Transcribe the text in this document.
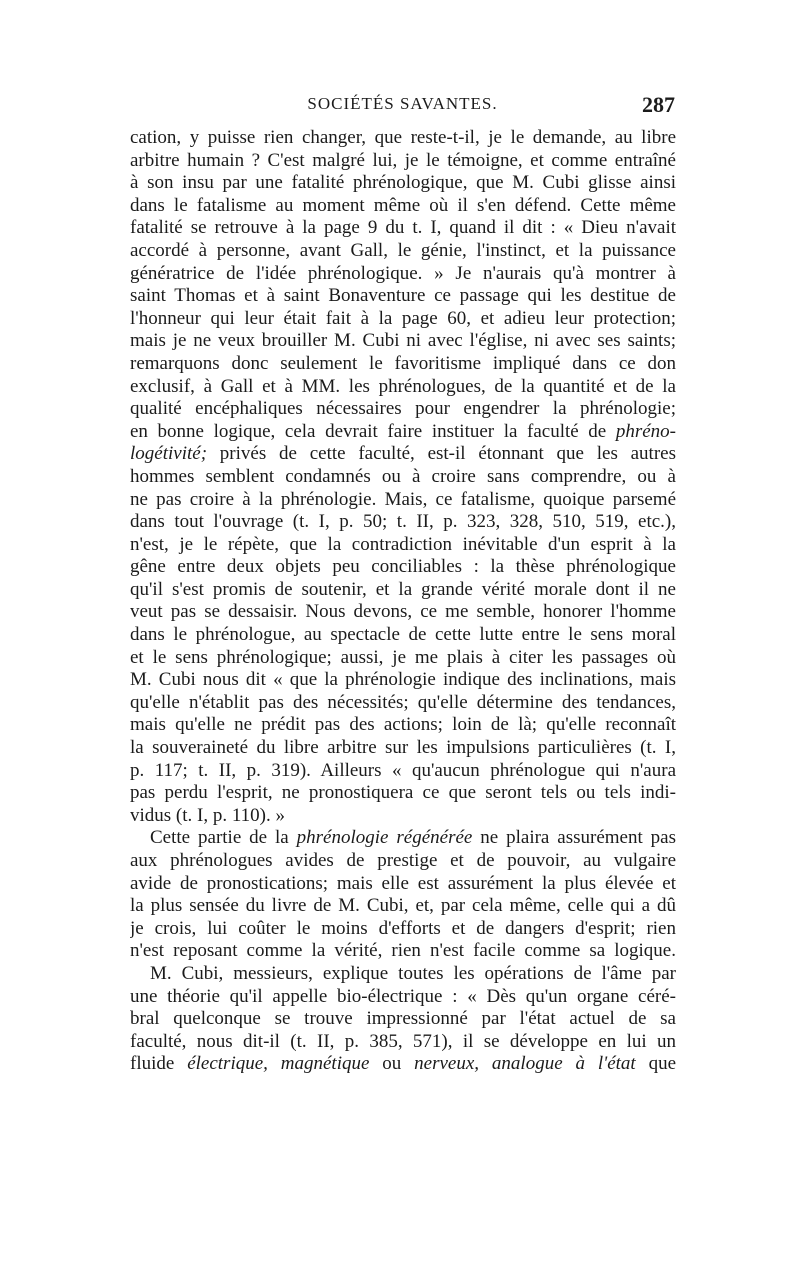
SOCIÉTÉS SAVANTES.	287
cation, y puisse rien changer, que reste-t-il, je le demande, au libre
arbitre humain ? C'est malgré lui, je le témoigne, et comme entraîné
à son insu par une fatalité phrénologique, que M. Cubi glisse ainsi
dans le fatalisme au moment même où il s'en défend. Cette même
fatalité se retrouve à la page 9 du t. I, quand il dit : « Dieu n'avait
accordé à personne, avant Gall, le génie, l'instinct, et la puissance
génératrice de l'idée phrénologique. » Je n'aurais qu'à montrer à
saint Thomas et à saint Bonaventure ce passage qui les destitue de
l'honneur qui leur était fait à la page 60, et adieu leur protection;
mais je ne veux brouiller M. Cubi ni avec l'église, ni avec ses saints;
remarquons donc seulement le favoritisme impliqué dans ce don
exclusif, à Gall et à MM. les phrénologues, de la quantité et de la
qualité encéphaliques nécessaires pour engendrer la phrénologie;
en bonne logique, cela devrait faire instituer la faculté de phréno-
logétivité; privés de cette faculté, est-il étonnant que les autres
hommes semblent condamnés ou à croire sans comprendre, ou à
ne pas croire à la phrénologie. Mais, ce fatalisme, quoique parsemé
dans tout l'ouvrage (t. I, p. 50; t. II, p. 323, 328, 510, 519, etc.),
n'est, je le répète, que la contradiction inévitable d'un esprit à la
gêne entre deux objets peu conciliables : la thèse phrénologique
qu'il s'est promis de soutenir, et la grande vérité morale dont il ne
veut pas se dessaisir. Nous devons, ce me semble, honorer l'homme
dans le phrénologue, au spectacle de cette lutte entre le sens moral
et le sens phrénologique; aussi, je me plais à citer les passages où
M. Cubi nous dit « que la phrénologie indique des inclinations, mais
qu'elle n'établit pas des nécessités; qu'elle détermine des tendances,
mais qu'elle ne prédit pas des actions; loin de là; qu'elle reconnaît
la souveraineté du libre arbitre sur les impulsions particulières (t. I,
p. 117; t. II, p. 319). Ailleurs « qu'aucun phrénologue qui n'aura
pas perdu l'esprit, ne pronostiquera ce que seront tels ou tels indi-
vidus (t. I, p. 110). »
Cette partie de la phrénologie régénérée ne plaira assurément pas
aux phrénologues avides de prestige et de pouvoir, au vulgaire
avide de pronostications; mais elle est assurément la plus élevée et
la plus sensée du livre de M. Cubi, et, par cela même, celle qui a dû
je crois, lui coûter le moins d'efforts et de dangers d'esprit; rien
n'est reposant comme la vérité, rien n'est facile comme sa logique.
M. Cubi, messieurs, explique toutes les opérations de l'âme par
une théorie qu'il appelle bio-électrique : « Dès qu'un organe céré-
bral quelconque se trouve impressionné par l'état actuel de sa
faculté, nous dit-il (t. II, p. 385, 571), il se développe en lui un
fluide électrique, magnétique ou nerveux, analogue à l'état que
